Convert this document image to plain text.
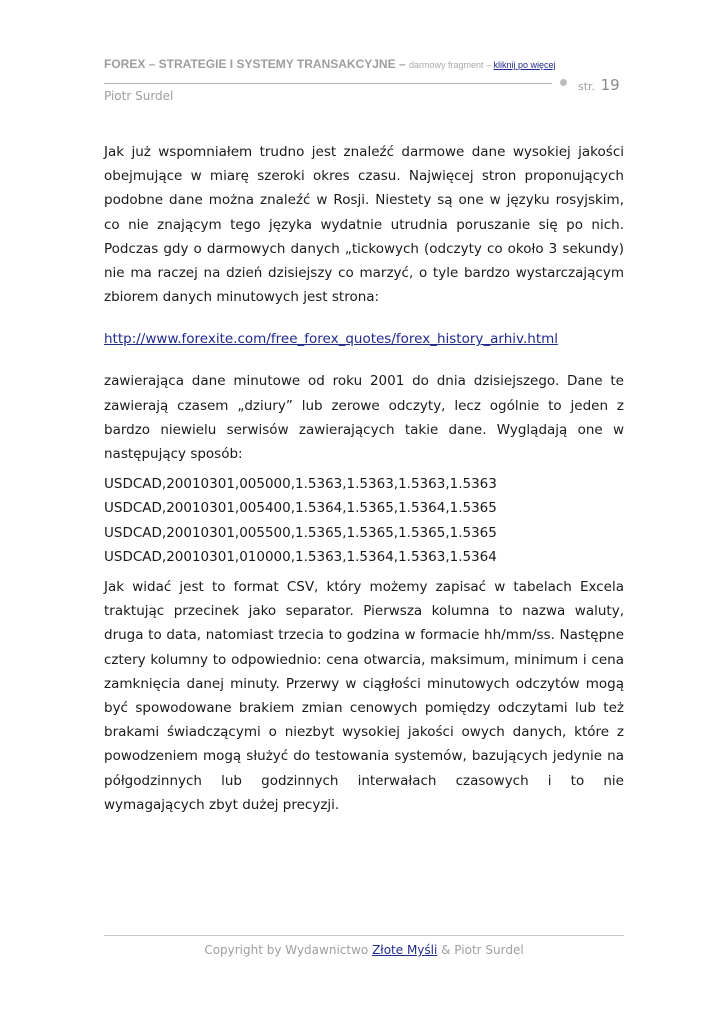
FOREX – STRATEGIE I SYSTEMY TRANSAKCYJNE – darmowy fragment – kliknij po więcej
str. 19
Piotr Surdel

Jak już wspomniałem trudno jest znaleźć darmowe dane wysokiej jakości obejmujące w miarę szeroki okres czasu. Najwięcej stron proponujących podobne dane można znaleźć w Rosji. Niestety są one w języku rosyjskim, co nie znającym tego języka wydatnie utrudnia poruszanie się po nich. Podczas gdy o darmowych danych „tickowych (odczyty co około 3 sekundy) nie ma raczej na dzień dzisiejszy co marzyć, o tyle bardzo wystarczającym zbiorem danych minutowych jest strona:

http://www.forexite.com/free_forex_quotes/forex_history_arhiv.html

zawierająca dane minutowe od roku 2001 do dnia dzisiejszego. Dane te zawierają czasem „dziury” lub zerowe odczyty, lecz ogólnie to jeden z bardzo niewielu serwisów zawierających takie dane. Wyglądają one w następujący sposób:

USDCAD,20010301,005000,1.5363,1.5363,1.5363,1.5363
USDCAD,20010301,005400,1.5364,1.5365,1.5364,1.5365
USDCAD,20010301,005500,1.5365,1.5365,1.5365,1.5365
USDCAD,20010301,010000,1.5363,1.5364,1.5363,1.5364

Jak widać jest to format CSV, który możemy zapisać w tabelach Excela traktując przecinek jako separator. Pierwsza kolumna to nazwa waluty, druga to data, natomiast trzecia to godzina w formacie hh/mm/ss. Następne cztery kolumny to odpowiednio: cena otwarcia, maksimum, minimum i cena zamknięcia danej minuty. Przerwy w ciągłości minutowych odczytów mogą być spowodowane brakiem zmian cenowych pomiędzy odczytami lub też brakami świadczącymi o niezbyt wysokiej jakości owych danych, które z powodzeniem mogą służyć do testowania systemów, bazujących jedynie na półgodzinnych lub godzinnych interwałach czasowych i to nie wymagających zbyt dużej precyzji.

Copyright by Wydawnictwo Złote Myśli & Piotr Surdel
